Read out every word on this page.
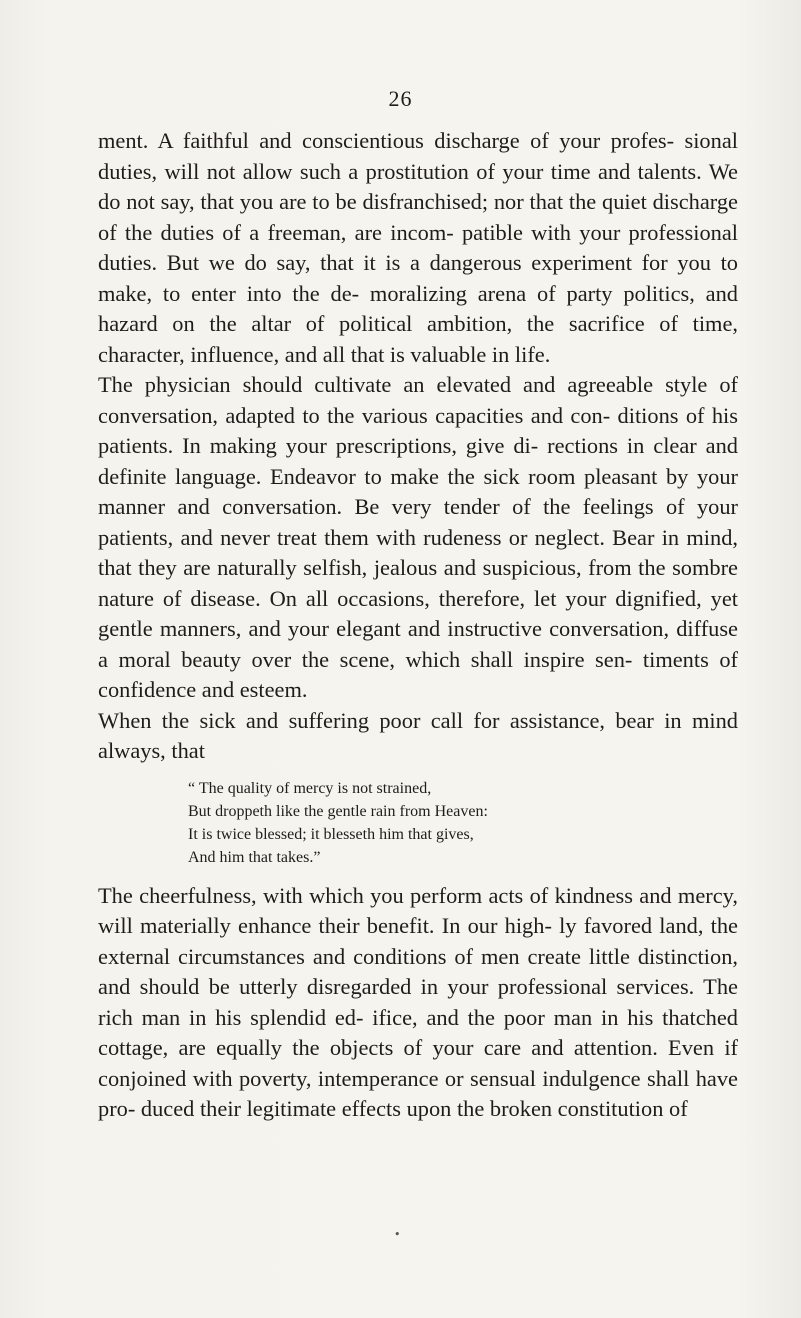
26

ment. A faithful and conscientious discharge of your profes- sional duties, will not allow such a prostitution of your time and talents. We do not say, that you are to be disfranchised; nor that the quiet discharge of the duties of a freeman, are incom- patible with your professional duties. But we do say, that it is a dangerous experiment for you to make, to enter into the de- moralizing arena of party politics, and hazard on the altar of political ambition, the sacrifice of time, character, influence, and all that is valuable in life.

The physician should cultivate an elevated and agreeable style of conversation, adapted to the various capacities and con- ditions of his patients. In making your prescriptions, give di- rections in clear and definite language. Endeavor to make the sick room pleasant by your manner and conversation. Be very tender of the feelings of your patients, and never treat them with rudeness or neglect. Bear in mind, that they are naturally selfish, jealous and suspicious, from the sombre nature of disease. On all occasions, therefore, let your dignified, yet gentle manners, and your elegant and instructive conversation, diffuse a moral beauty over the scene, which shall inspire sen- timents of confidence and esteem.

When the sick and suffering poor call for assistance, bear in mind always, that

“ The quality of mercy is not strained,
But droppeth like the gentle rain from Heaven:
It is twice blessed; it blesseth him that gives,
And him that takes.”

The cheerfulness, with which you perform acts of kindness and mercy, will materially enhance their benefit. In our high- ly favored land, the external circumstances and conditions of men create little distinction, and should be utterly disregarded in your professional services. The rich man in his splendid ed- ifice, and the poor man in his thatched cottage, are equally the objects of your care and attention. Even if conjoined with poverty, intemperance or sensual indulgence shall have pro- duced their legitimate effects upon the broken constitution of

•
